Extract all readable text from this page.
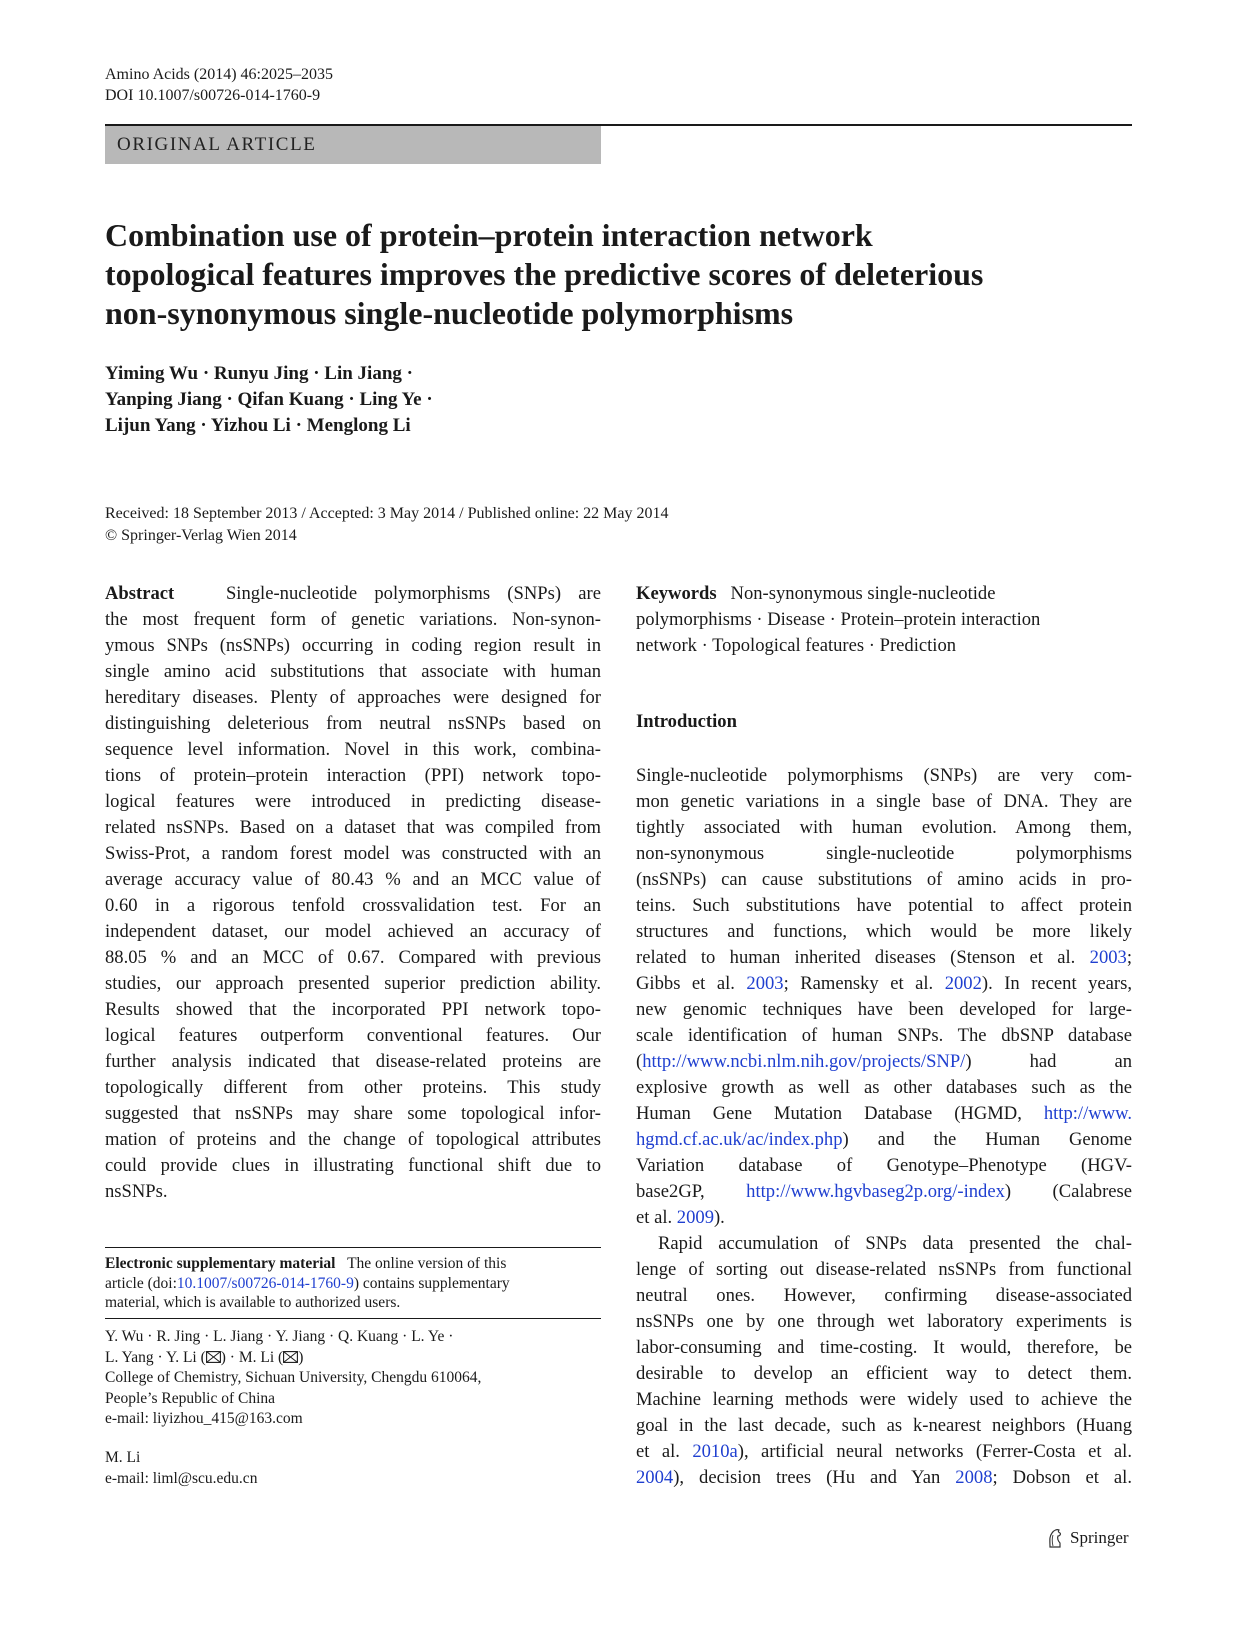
Amino Acids (2014) 46:2025–2035
DOI 10.1007/s00726-014-1760-9
ORIGINAL ARTICLE
Combination use of protein–protein interaction network
topological features improves the predictive scores of deleterious
non-synonymous single-nucleotide polymorphisms
Yiming Wu · Runyu Jing · Lin Jiang ·
Yanping Jiang · Qifan Kuang · Ling Ye ·
Lijun Yang · Yizhou Li · Menglong Li
Received: 18 September 2013 / Accepted: 3 May 2014 / Published online: 22 May 2014
© Springer-Verlag Wien 2014
Abstract	Single-nucleotide polymorphisms (SNPs) are
the most frequent form of genetic variations. Non-synon-
ymous SNPs (nsSNPs) occurring in coding region result in
single amino acid substitutions that associate with human
hereditary diseases. Plenty of approaches were designed for
distinguishing deleterious from neutral nsSNPs based on
sequence level information. Novel in this work, combina-
tions of protein–protein interaction (PPI) network topo-
logical features were introduced in predicting disease-
related nsSNPs. Based on a dataset that was compiled from
Swiss-Prot, a random forest model was constructed with an
average accuracy value of 80.43 % and an MCC value of
0.60 in a rigorous tenfold crossvalidation test. For an
independent dataset, our model achieved an accuracy of
88.05 % and an MCC of 0.67. Compared with previous
studies, our approach presented superior prediction ability.
Results showed that the incorporated PPI network topo-
logical features outperform conventional features. Our
further analysis indicated that disease-related proteins are
topologically different from other proteins. This study
suggested that nsSNPs may share some topological infor-
mation of proteins and the change of topological attributes
could provide clues in illustrating functional shift due to
nsSNPs.
Keywords Non-synonymous single-nucleotide
polymorphisms · Disease · Protein–protein interaction
network · Topological features · Prediction
Introduction
Single-nucleotide polymorphisms (SNPs) are very com-
mon genetic variations in a single base of DNA. They are
tightly associated with human evolution. Among them,
non-synonymous single-nucleotide polymorphisms
(nsSNPs) can cause substitutions of amino acids in pro-
teins. Such substitutions have potential to affect protein
structures and functions, which would be more likely
related to human inherited diseases (Stenson et al. 2003;
Gibbs et al. 2003; Ramensky et al. 2002). In recent years,
new genomic techniques have been developed for large-
scale identification of human SNPs. The dbSNP database
(http://www.ncbi.nlm.nih.gov/projects/SNP/) had an
explosive growth as well as other databases such as the
Human Gene Mutation Database (HGMD, http://www.
hgmd.cf.ac.uk/ac/index.php) and the Human Genome
Variation database of Genotype–Phenotype (HGV-
base2GP, http://www.hgvbaseg2p.org/-index) (Calabrese
et al. 2009).
Rapid accumulation of SNPs data presented the chal-
lenge of sorting out disease-related nsSNPs from functional
neutral ones. However, confirming disease-associated
nsSNPs one by one through wet laboratory experiments is
labor-consuming and time-costing. It would, therefore, be
desirable to develop an efficient way to detect them.
Machine learning methods were widely used to achieve the
goal in the last decade, such as k-nearest neighbors (Huang
et al. 2010a), artificial neural networks (Ferrer-Costa et al.
2004), decision trees (Hu and Yan 2008; Dobson et al.
Electronic supplementary material The online version of this
article (doi:10.1007/s00726-014-1760-9) contains supplementary
material, which is available to authorized users.
Y. Wu · R. Jing · L. Jiang · Y. Jiang · Q. Kuang · L. Ye ·
L. Yang · Y. Li ( ) · M. Li ( )
College of Chemistry, Sichuan University, Chengdu 610064,
People’s Republic of China
e-mail: liyizhou_415@163.com
M. Li
e-mail: liml@scu.edu.cn
Springer
